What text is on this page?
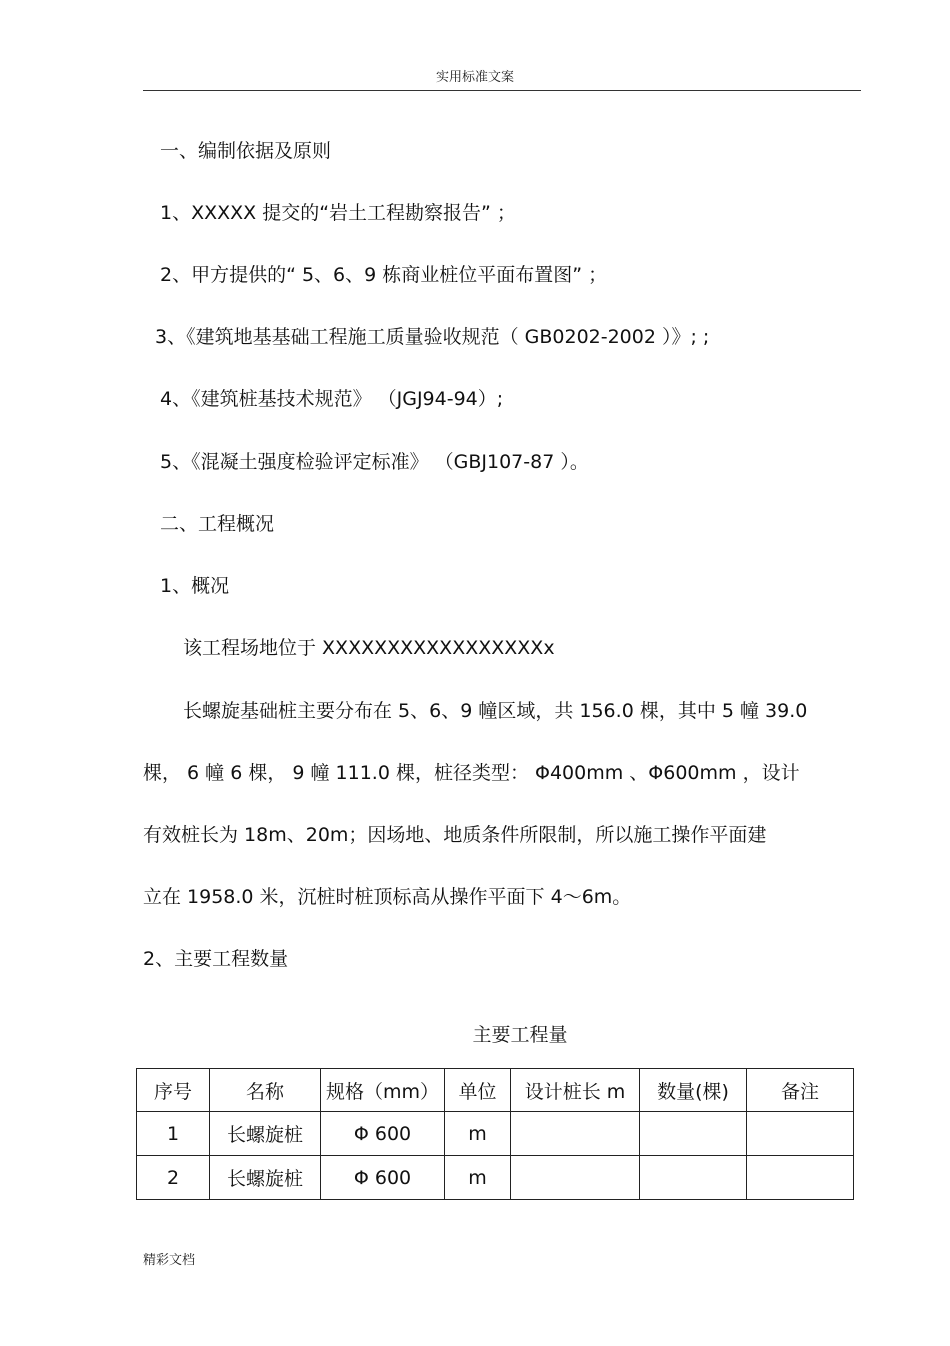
实用标准文案
一、编制依据及原则
1、XXXXX 提交的“岩土工程勘察报告” ；
2、甲方提供的“ 5、6、9 栋商业桩位平面布置图” ；
3、《建筑地基基础工程施工质量验收规范（ GB0202-2002 ）》; ;
4、《建筑桩基技术规范》 （JGJ94-94）;
5、《混凝土强度检验评定标准》 （GBJ107-87 ）。
二、工程概况
1、概况
该工程场地位于 XXXXXXXXXXXXXXXXXx
长螺旋基础桩主要分布在 5、6、9 幢区域，共 156.0 棵，其中 5 幢 39.0
棵， 6 幢 6 棵， 9 幢 111.0 棵，桩径类型： Φ400mm 、Φ600mm ，设计
有效桩长为 18m、20m；因场地、地质条件所限制，所以施工操作平面建
立在 1958.0 米，沉桩时桩顶标高从操作平面下 4～6m。
2、主要工程数量
主要工程量
序号	名称	规格（mm）	单位	设计桩长 m	数量(棵)	备注
1	长螺旋桩	Φ 600	m			
2	长螺旋桩	Φ 600	m			
精彩文档
